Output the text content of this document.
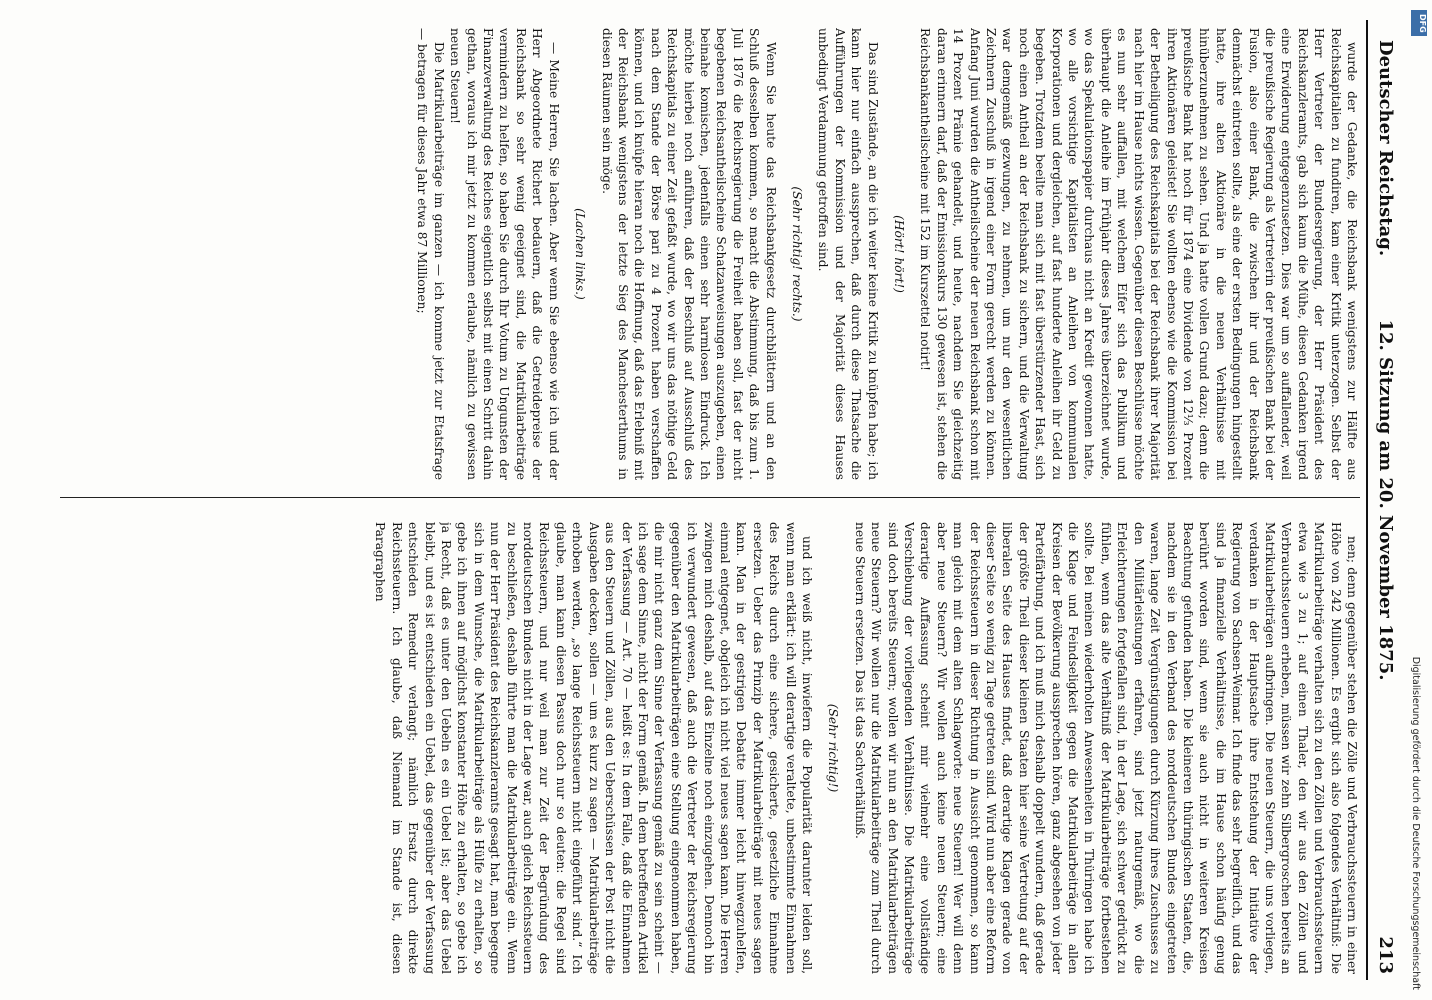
Deutscher Reichstag.
12. Sitzung am 20. November 1875.
213

wurde der Gedanke, die Reichsbank wenigstens zur Hälfte aus Reichskapitalien zu fundiren, kam einer Kritik unterzogen. Selbst der Herr Vertreter der Bundesregierung, der Herr Präsident des Reichskanzleramts, gab sich kaum die Mühe, diesen Gedanken irgend eine Erwiderung entgegenzusetzen. Dies war um so auffallender, weil die preußische Regierung als Vertreterin der preußischen Bank bei der Fusion, also einer Bank, die zwischen ihr und der Reichsbank demnächst eintreten sollte, als eine der ersten Bedingungen hingestellt hatte, ihre alten Aktionäre in die neuen Verhältnisse mit hinüberzunehmen zu sehen. Und ja hatte vollen Grund dazu; denn die preußische Bank hat noch für 1874 eine Dividende von 12⅓ Prozent ihren Aktionären geleistet! Sie wollten ebenso wie die Kommission bei der Betheiligung des Reichskapitals bei der Reichsbank ihrer Majorität nach hier im Hause nichts wissen. Gegenüber diesen Beschlüsse möchte es nun sehr auffallen, mit welchem Eifer sich das Publikum und überhaupt die Anleihe im Frühjahr dieses Jahres überzeichnet wurde, wo das Spekulationspapier durchaus nicht an Kredit gewonnen hatte, wo alle vorsichtige Kapitalisten an Anleihen von kommunalen Korporationen und dergleichen, auf fast hunderte Anleihen ihr Geld zu begeben. Trotzdem beeilte man sich mit fast überstürzender Hast, sich noch einen Antheil an der Reichsbank zu sichern, und die Verwaltung war demgemäß gezwungen, zu nehmen, um nur den wesentlichen Zeichnern Zuschuß in irgend einer Form gerecht werden zu können. Anfang Juni wurden die Antheilscheine der neuen Reichsbank schon mit 14 Prozent Prämie gehandelt, und heute, nachdem Sie gleichzeitig daran erinnern darf, daß der Emissionskurs 130 gewesen ist, stehen die Reichsbankantheilscheine mit 152 im Kurszettel notirt!

(Hört! hört!)

Das sind Zustände, an die ich weiter keine Kritik zu knüpfen habe; ich kann hier nur einfach aussprechen, daß durch diese Thatsache die Aufführungen der Kommission und der Majorität dieses Hauses unbedingt Verdammung getroffen sind.

(Sehr richtig! rechts.)

Wenn Sie heute das Reichsbankgesetz durchblättern und an den Schluß desselben kommen, so macht die Abstimmung, daß bis zum 1. Juli 1876 die Reichsregierung die Freiheit haben soll, fast der nicht begebenen Reichsantheilscheine Schatzanweisungen auszugeben, einen beinahe komischen, jedenfalls einen sehr harmlosen Eindruck. Ich möchte hierbei noch anführen, daß der Beschluß auf Ausschluß des Reichskapitals zu einer Zeit gefaßt wurde, wo wir uns das nöthige Geld nach dem Stande der Börse pari zu 4 Prozent haben verschaffen können, und ich knüpfe hieran noch die Hoffnung, daß das Erlebniß mit der Reichsbank wenigstens der letzte Sieg des Manchesterthums in diesen Räumen sein möge.

(Lachen links.)

— Meine Herren, Sie lachen. Aber wenn Sie ebenso wie ich und der Herr Abgeordnete Richert bedauern, daß die Getreidepreise der Reichsbank so sehr wenig geeignet sind, die Matrikularbeiträge vermindern zu helfen, so haben Sie durch Ihr Votum zu Ungunsten der Finanzverwaltung des Reiches eigentlich selbst mit einen Schritt dahin gethan, woraus ich mir jetzt zu kommen erlaube, nämlich zu gewissen neuen Steuern!

Die Matrikularbeiträge im ganzen — ich komme jetzt zur Etatsfrage — betragen für dieses Jahr etwa 87 Millionen;

nen; denn gegenüber stehen die Zölle und Verbrauchssteuern in einer Höhe von 242 Millionen. Es ergibt sich also folgendes Verhältniß: Die Matrikularbeiträge verhalten sich zu den Zöllen und Verbrauchssteuern etwa wie 3 zu 1; auf einen Thaler, den wir aus den Zöllen und Verbrauchssteuern erheben, müssen wir zehn Silbergroschen bereits an Matrikularbeiträgen aufbringen. Die neuen Steuern, die uns vorliegen, verdanken in der Hauptsache ihre Entstehung der Initiative der Regierung von Sachsen-Weimar. Ich finde das sehr begreiflich, und das sind ja finanzielle Verhältnisse, die im Hause schon häufig genug berührt worden sind, wenn sie auch nicht in weiteren Kreisen Beachtung gefunden haben. Die kleineren thüringischen Staaten, die, nachdem sie in den Verband des norddeutschen Bundes eingetreten waren, lange Zeit Vergünstigungen durch Kürzung ihres Zuschusses zu den Militärleistungen erfahren, sind jetzt naturgemäß, wo die Erleichterungen fortgefallen sind, in der Lage, sich schwer gedrückt zu fühlen, wenn das alte Verhältniß der Matrikularbeiträge fortbestehen sollte. Bei meinen wiederholten Anwesenheiten in Thüringen habe ich die Klage und Feindseligkeit gegen die Matrikularbeiträge in allen Kreisen der Bevölkerung aussprechen hören, ganz abgesehen von jeder Parteifärbung, und ich muß mich deshalb doppelt wundern, daß gerade der größte Theil dieser kleinen Staaten hier seine Vertretung auf der liberalen Seite des Hauses findet, daß derartige Klagen gerade von dieser Seite so wenig zu Tage getreten sind. Wird nun aber eine Reform der Reichssteuern in dieser Richtung in Aussicht genommen, so kann man gleich mit dem alten Schlagworte: neue Steuern! Wer will denn aber neue Steuern? Wir wollen auch keine neuen Steuern; eine derartige Auffassung scheint mir vielmehr eine vollständige Verschiebung der vorliegenden Verhältnisse. Die Matrikularbeiträge sind doch bereits Steuern; wollen wir nun an den Matrikularbeiträgen neue Steuern? Wir wollen nur die Matrikularbeiträge zum Theil durch neue Steuern ersetzen. Das ist das Sachverhältniß.

(Sehr richtig!)

und ich weiß nicht, inwiefern die Popularität darunter leiden soll, wenn man erklärt: ich will derartige veraltete, unbestimmte Einnahmen des Reichs durch eine sichere, gesicherte, gesetzliche Einnahme ersetzen. Ueber das Prinzip der Matrikularbeiträge mit neues sagen kann. Man in der gestrigen Debatte immer leicht hinwegzuhelfen, einmal entgegnet, obgleich ich nicht viel neues sagen kann. Die Herren zwingen mich deshalb, auf das Einzelne noch einzugehen. Dennoch bin ich verwundert gewesen, daß auch die Vertreter der Reichsregierung gegenüber den Matrikularbeiträgen eine Stellung eingenommen haben, die mir nicht ganz dem Sinne der Verfassung gemäß zu sein scheint — ich sage dem Sinne, nicht der Form gemäß. In dem betreffenden Artikel der Verfassung — Art. 70 — heißt es: In dem Falle, daß die Einnahmen aus den Steuern und Zöllen, aus den Ueberschüssen der Post nicht die Ausgaben decken, sollen — um es kurz zu sagen — Matrikularbeiträge erhoben werden, „so lange Reichssteuern nicht eingeführt sind.“ Ich glaube, man kann diesen Passus doch nur so deuten: die Regel sind Reichssteuern, und nur weil man zur Zeit der Begründung des norddeutschen Bundes nicht in der Lage war, auch gleich Reichssteuern zu beschließen, deshalb führte man die Matrikularbeiträge ein. Wenn nun der Herr Präsident des Reichskanzleramts gesagt hat, man begegne sich in dem Wunsche, die Matrikularbeiträge als Hülfe zu erhalten, so gebe ich ihnen auf möglichst konstanter Höhe zu erhalten, so gebe ich ja Recht, daß es unter den Uebeln es ein Uebel ist; aber das Uebel bleibt, und es ist entschieden ein Uebel, das gegenüber der Verfassung entschieden Remedur verlangt; nämlich Ersatz durch direkte Reichssteuern. Ich glaube, daß Niemand im Stande ist, diesen Paragraphen

Digitalisierung gefördert durch die Deutsche Forschungsgemeinschaft
DFG
